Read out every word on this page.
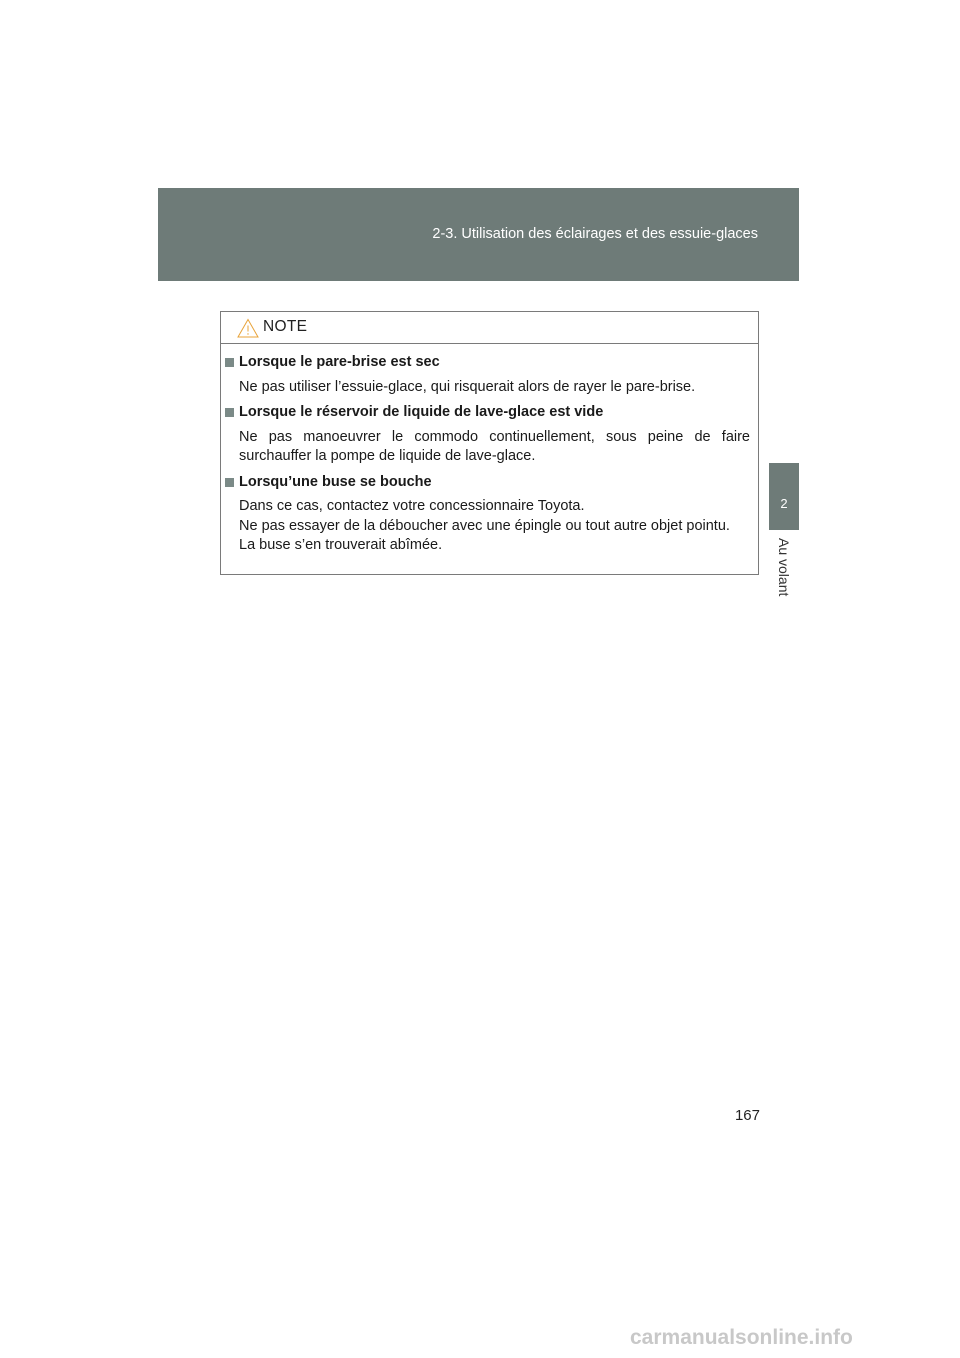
2-3. Utilisation des éclairages et des essuie-glaces
2
Au volant
NOTE
Lorsque le pare-brise est sec
Ne pas utiliser l’essuie-glace, qui risquerait alors de rayer le pare-brise.
Lorsque le réservoir de liquide de lave-glace est vide
Ne pas manoeuvrer le commodo continuellement, sous peine de faire surchauffer la pompe de liquide de lave-glace.
Lorsqu’une buse se bouche
Dans ce cas, contactez votre concessionnaire Toyota.
Ne pas essayer de la déboucher avec une épingle ou tout autre objet pointu.
La buse s’en trouverait abîmée.
167
carmanualsonline.info
